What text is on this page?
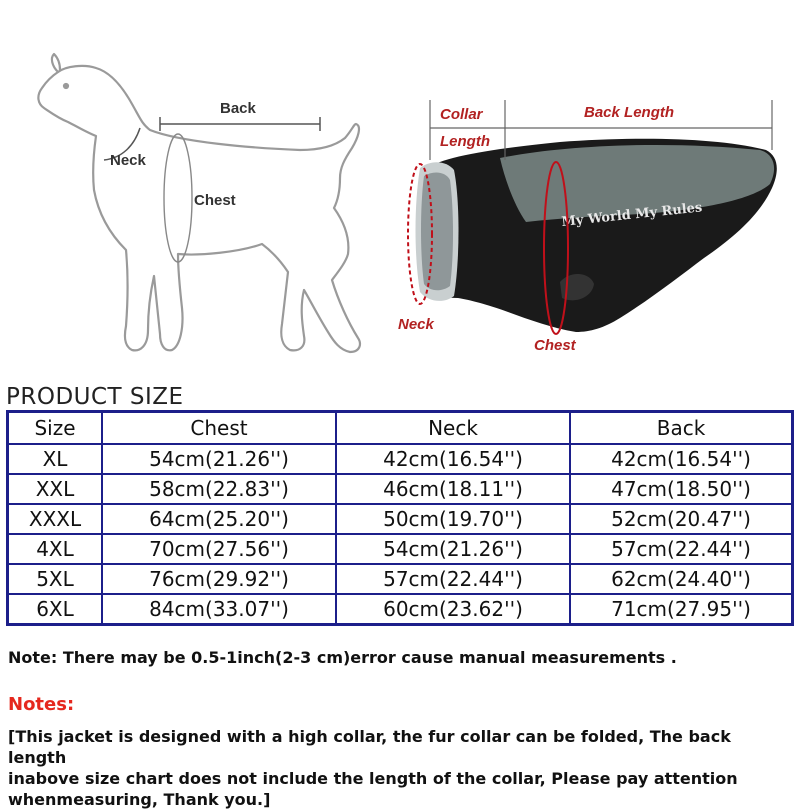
My World My Rules
Back
Neck
Chest
Collar
Length
Back Length
Neck
Chest
PRODUCT SIZE
Size	Chest	Neck	Back
XL	54cm(21.26'')	42cm(16.54'')	42cm(16.54'')
XXL	58cm(22.83'')	46cm(18.11'')	47cm(18.50'')
XXXL	64cm(25.20'')	50cm(19.70'')	52cm(20.47'')
4XL	70cm(27.56'')	54cm(21.26'')	57cm(22.44'')
5XL	76cm(29.92'')	57cm(22.44'')	62cm(24.40'')
6XL	84cm(33.07'')	60cm(23.62'')	71cm(27.95'')
Note: There may be 0.5-1inch(2-3 cm)error cause manual measurements .
Notes:
[This jacket is designed with a high collar, the fur collar can be folded, The back length
inabove size chart does not include the length of the collar, Please pay attention
whenmeasuring, Thank you.]
